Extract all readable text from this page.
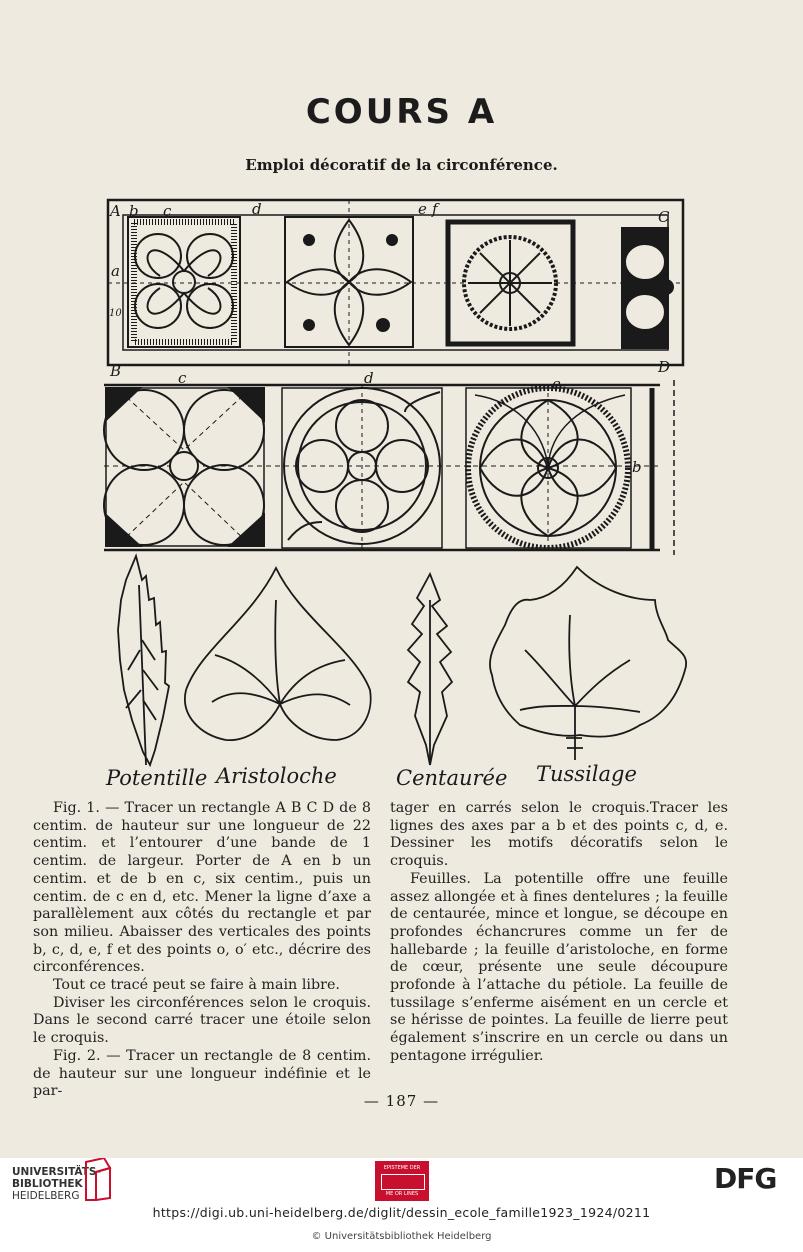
COURS A
Emploi décoratif de la circonférence.
A b c	d	e f	C
a
10
B	D
c	d	e
b
Potentille Aristoloche	Centaurée Tussilage

Fig. 1. — Tracer un rectangle A B C D de 8 centim. de hauteur sur une longueur de 22 centim. et l’entourer d’une bande de 1 centim. de largeur. Porter de A en b un centim. et de b en c, six centim., puis un centim. de c en d, etc. Mener la ligne d’axe a parallèlement aux côtés du rectangle et par son milieu. Abaisser des verticales des points b, c, d, e, f et des points o, o′ etc., décrire des circonférences.

Tout ce tracé peut se faire à main libre.

Diviser les circonférences selon le croquis. Dans le second carré tracer une étoile selon le croquis.

Fig. 2. — Tracer un rectangle de 8 centim. de hauteur sur une longueur indéfinie et le par-

tager en carrés selon le croquis.Tracer les lignes des axes par a b et des points c, d, e. Dessiner les motifs décoratifs selon le croquis.

Feuilles. La potentille offre une feuille assez allongée et à fines dentelures ; la feuille de centaurée, mince et longue, se découpe en profondes échancrures comme un fer de hallebarde ; la feuille d’aristoloche, en forme de cœur, présente une seule découpure profonde à l’attache du pétiole. La feuille de tussilage s’enferme aisément en un cercle et se hérisse de pointes. La feuille de lierre peut également s’inscrire en un cercle ou dans un pentagone irrégulier.

— 187 —
UNIVERSITÄTS-
BIBLIOTHEK
HEIDELBERG
EPISTEME DER
ME OR LINES	DFG
https://digi.ub.uni-heidelberg.de/diglit/dessin_ecole_famille1923_1924/0211
© Universitätsbibliothek Heidelberg
